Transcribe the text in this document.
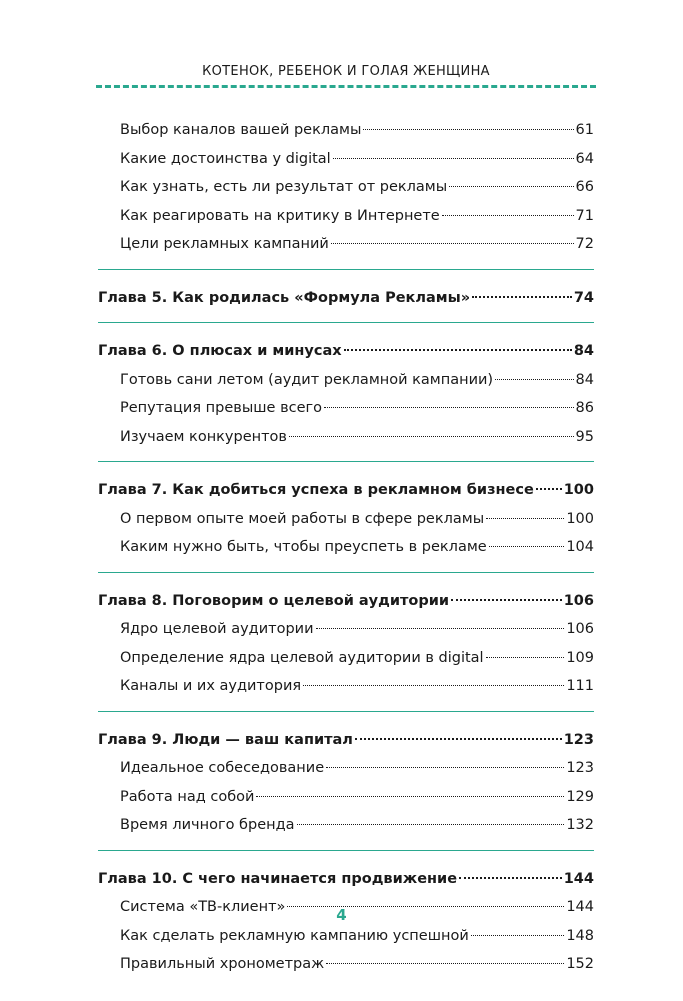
КОТЕНОК, РЕБЕНОК И ГОЛАЯ ЖЕНЩИНА
Выбор каналов вашей рекламы	61
Какие достоинства у digital	64
Как узнать, есть ли результат от рекламы	66
Как реагировать на критику в Интернете	71
Цели рекламных кампаний	72
Глава 5. Как родилась «Формула Рекламы»	74
Глава 6. О плюсах и минусах	84
Готовь сани летом (аудит рекламной кампании)	84
Репутация превыше всего	86
Изучаем конкурентов	95
Глава 7. Как добиться успеха в рекламном бизнесе 100
О первом опыте моей работы в сфере рекламы	100
Каким нужно быть, чтобы преуспеть в рекламе	104
Глава 8. Поговорим о целевой аудитории	106
Ядро целевой аудитории	106
Определение ядра целевой аудитории в digital	109
Каналы и их аудитория	111
Глава 9. Люди — ваш капитал	123
Идеальное собеседование	123
Работа над собой	129
Время личного бренда	132
Глава 10. С чего начинается продвижение	144
Система «ТВ-клиент»	144
Как сделать рекламную кампанию успешной	148
Правильный хронометраж	152
4
